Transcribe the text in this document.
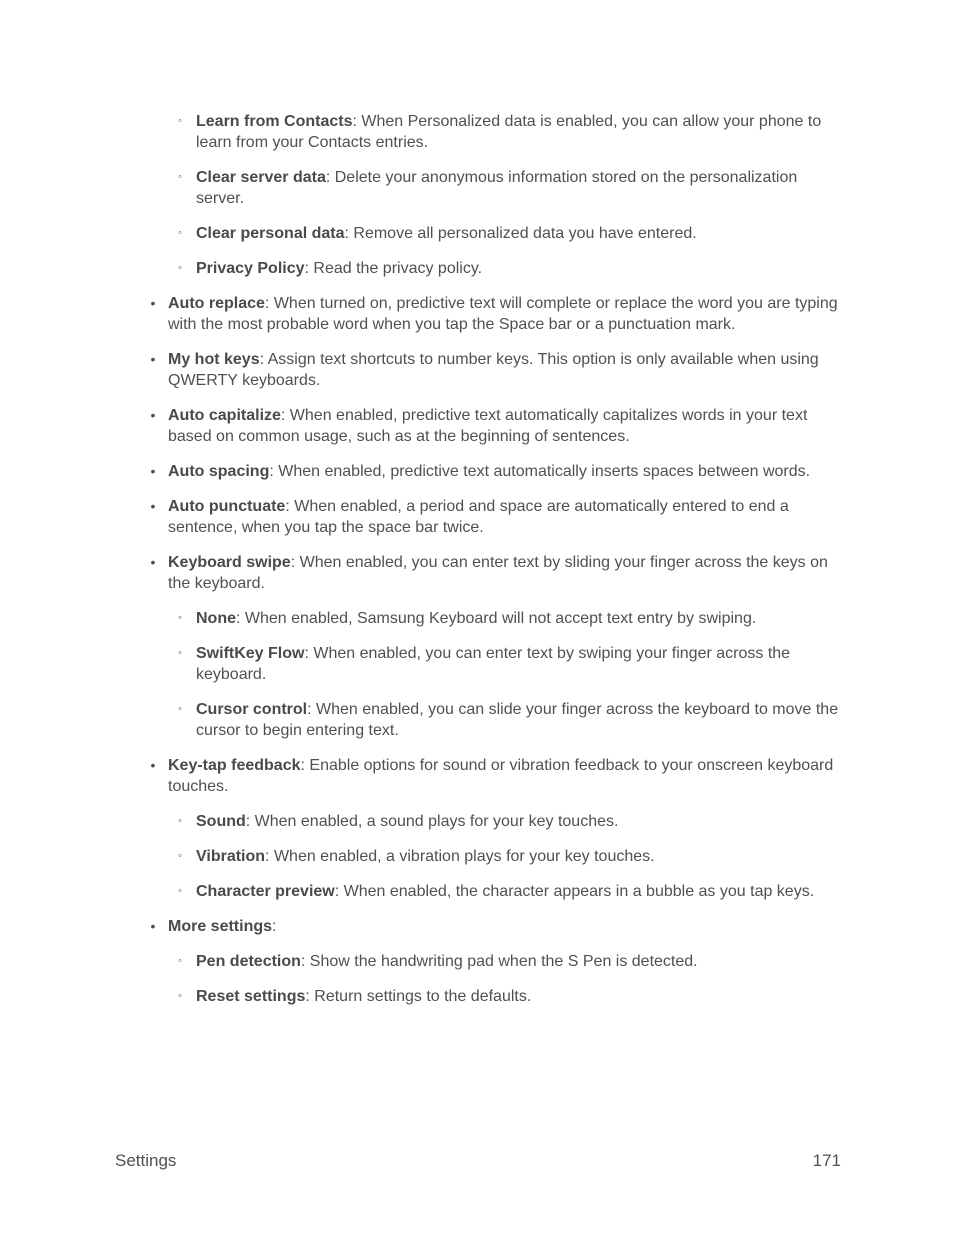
◦ Learn from Contacts: When Personalized data is enabled, you can allow your phone to learn from your Contacts entries.
◦ Clear server data: Delete your anonymous information stored on the personalization server.
◦ Clear personal data: Remove all personalized data you have entered.
◦ Privacy Policy: Read the privacy policy.
• Auto replace: When turned on, predictive text will complete or replace the word you are typing with the most probable word when you tap the Space bar or a punctuation mark.
• My hot keys: Assign text shortcuts to number keys. This option is only available when using QWERTY keyboards.
• Auto capitalize: When enabled, predictive text automatically capitalizes words in your text based on common usage, such as at the beginning of sentences.
• Auto spacing: When enabled, predictive text automatically inserts spaces between words.
• Auto punctuate: When enabled, a period and space are automatically entered to end a sentence, when you tap the space bar twice.
• Keyboard swipe: When enabled, you can enter text by sliding your finger across the keys on the keyboard.
◦ None: When enabled, Samsung Keyboard will not accept text entry by swiping.
◦ SwiftKey Flow: When enabled, you can enter text by swiping your finger across the keyboard.
◦ Cursor control: When enabled, you can slide your finger across the keyboard to move the cursor to begin entering text.
• Key-tap feedback: Enable options for sound or vibration feedback to your onscreen keyboard touches.
◦ Sound: When enabled, a sound plays for your key touches.
◦ Vibration: When enabled, a vibration plays for your key touches.
◦ Character preview: When enabled, the character appears in a bubble as you tap keys.
• More settings:
◦ Pen detection: Show the handwriting pad when the S Pen is detected.
◦ Reset settings: Return settings to the defaults.
Settings	171
